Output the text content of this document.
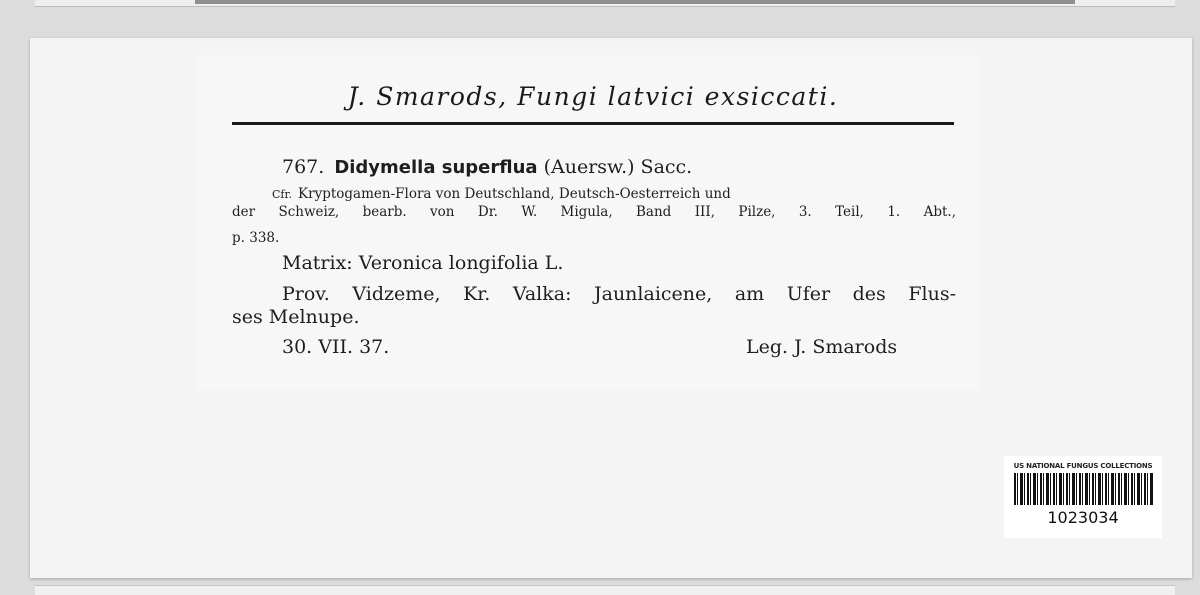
J. Smarods, Fungi latvici exsiccati.
767. Didymella superflua (Auersw.) Sacc.
Cfr. Kryptogamen-Flora von Deutschland, Deutsch-Oesterreich und
der Schweiz, bearb. von Dr. W. Migula, Band III, Pilze, 3. Teil, 1. Abt.,
p. 338.
Matrix: Veronica longifolia L.
Prov. Vidzeme, Kr. Valka: Jaunlaicene, am Ufer des Flus-
ses Melnupe.
30. VII. 37.	Leg. J. Smarods
US NATIONAL FUNGUS COLLECTIONS
1023034
